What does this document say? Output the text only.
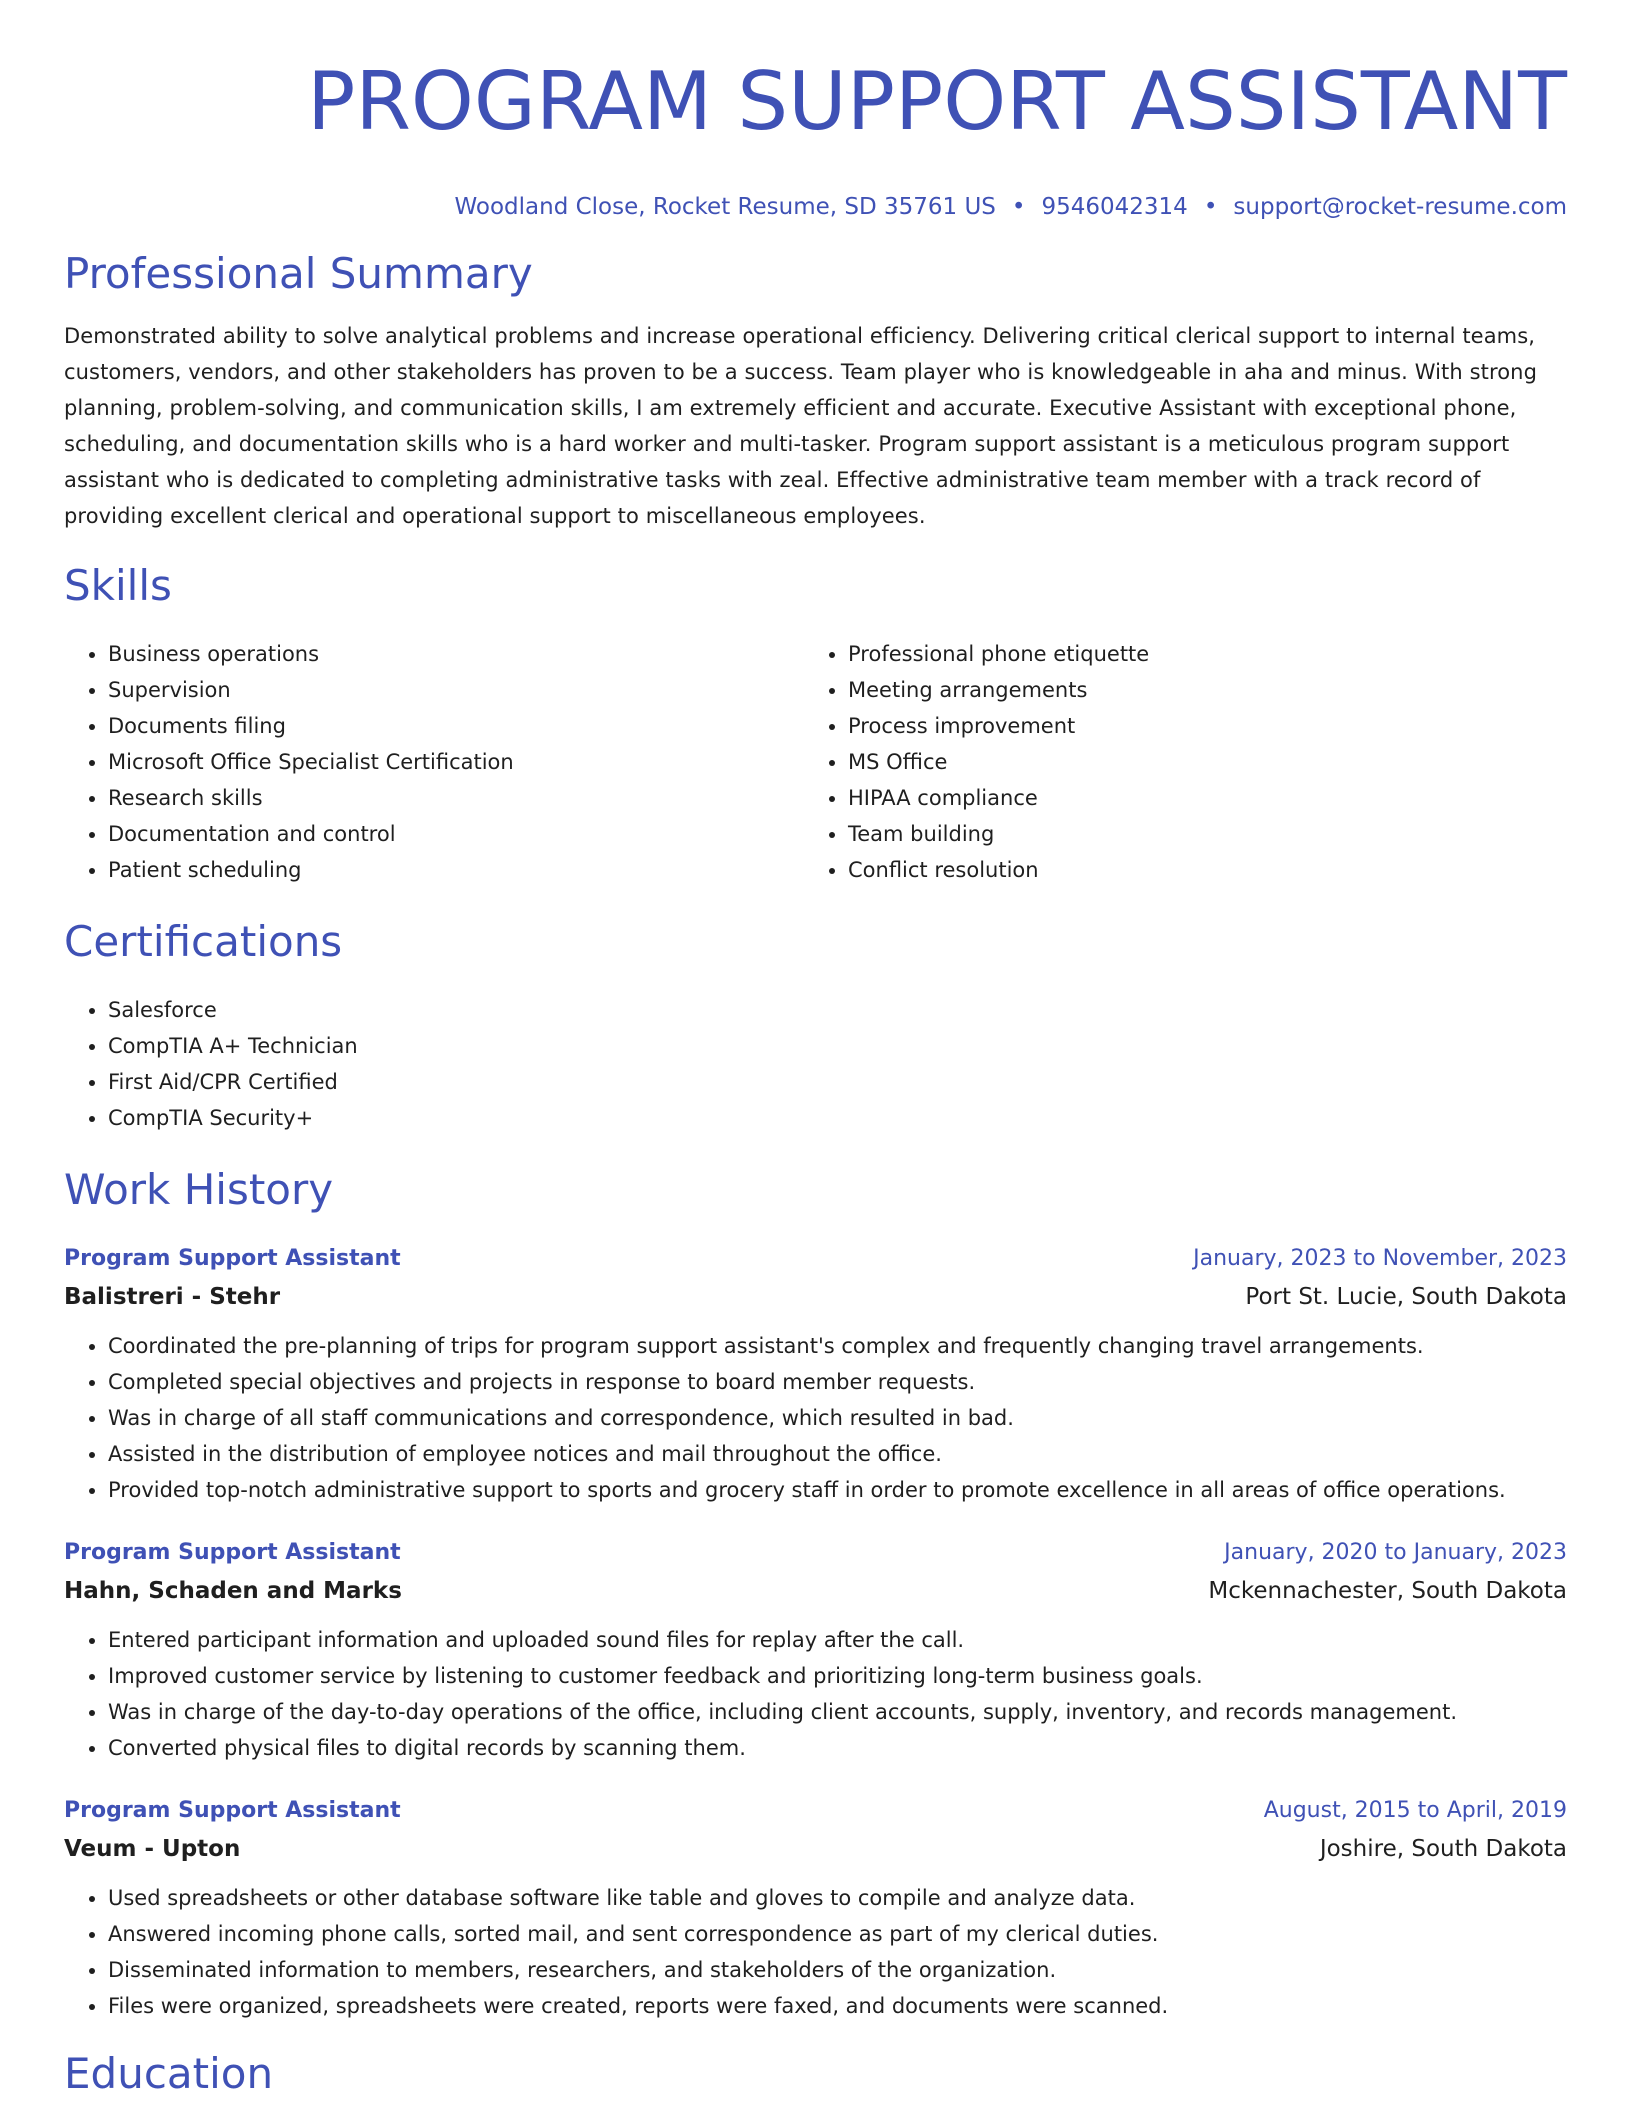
PROGRAM SUPPORT ASSISTANT
Woodland Close, Rocket Resume, SD 35761 US • 9546042314 • support@rocket-resume.com
Professional Summary

Demonstrated ability to solve analytical problems and increase operational efficiency. Delivering critical clerical support to internal teams, customers, vendors, and other stakeholders has proven to be a success. Team player who is knowledgeable in aha and minus. With strong planning, problem-solving, and communication skills, I am extremely efficient and accurate. Executive Assistant with exceptional phone, scheduling, and documentation skills who is a hard worker and multi-tasker. Program support assistant is a meticulous program support assistant who is dedicated to completing administrative tasks with zeal. Effective administrative team member with a track record of providing excellent clerical and operational support to miscellaneous employees.

Skills
• Business operations
• Supervision
• Documents filing
• Microsoft Office Specialist Certification
• Research skills
• Documentation and control
• Patient scheduling
• Professional phone etiquette
• Meeting arrangements
• Process improvement
• MS Office
• HIPAA compliance
• Team building
• Conflict resolution
Certifications
• Salesforce
• CompTIA A+ Technician
• First Aid/CPR Certified
• CompTIA Security+
Work History
Program Support Assistant	January, 2023 to November, 2023
Balistreri - Stehr	Port St. Lucie, South Dakota
• Coordinated the pre-planning of trips for program support assistant's complex and frequently changing travel arrangements.
• Completed special objectives and projects in response to board member requests.
• Was in charge of all staff communications and correspondence, which resulted in bad.
• Assisted in the distribution of employee notices and mail throughout the office.
• Provided top-notch administrative support to sports and grocery staff in order to promote excellence in all areas of office operations.
Program Support Assistant	January, 2020 to January, 2023
Hahn, Schaden and Marks	Mckennachester, South Dakota
• Entered participant information and uploaded sound files for replay after the call.
• Improved customer service by listening to customer feedback and prioritizing long-term business goals.
• Was in charge of the day-to-day operations of the office, including client accounts, supply, inventory, and records management.
• Converted physical files to digital records by scanning them.
Program Support Assistant	August, 2015 to April, 2019
Veum - Upton	Joshire, South Dakota
• Used spreadsheets or other database software like table and gloves to compile and analyze data.
• Answered incoming phone calls, sorted mail, and sent correspondence as part of my clerical duties.
• Disseminated information to members, researchers, and stakeholders of the organization.
• Files were organized, spreadsheets were created, reports were faxed, and documents were scanned.
Education
